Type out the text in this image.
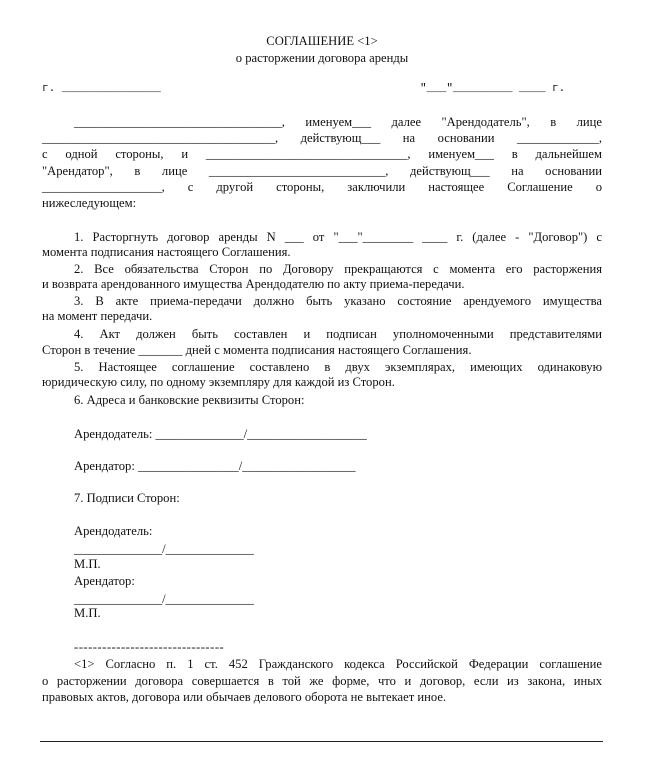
СОГЛАШЕНИЕ <1>
о расторжении договора аренды
г. _______________	"___"_________ ____ г.
_________________________________, именуем___ далее "Арендодатель", в лице
_____________________________________, действующ___ на основании _____________,
с одной стороны, и ________________________________, именуем___ в дальнейшем
"Арендатор", в лице ____________________________, действующ___ на основании
___________________, с другой стороны, заключили настоящее Соглашение о
нижеследующем:
1. Расторгнуть договор аренды N ___ от "___"________ ____ г. (далее - "Договор") с
момента подписания настоящего Соглашения.
2. Все обязательства Сторон по Договору прекращаются с момента его расторжения
и возврата арендованного имущества Арендодателю по акту приема-передачи.
3. В акте приема-передачи должно быть указано состояние арендуемого имущества
на момент передачи.
4. Акт должен быть составлен и подписан уполномоченными представителями
Сторон в течение _______ дней с момента подписания настоящего Соглашения.
5. Настоящее соглашение составлено в двух экземплярах, имеющих одинаковую
юридическую силу, по одному экземпляру для каждой из Сторон.
6. Адреса и банковские реквизиты Сторон:
Арендодатель: ______________/___________________
Арендатор: ________________/__________________
7. Подписи Сторон:
Арендодатель:
______________/______________
М.П.
Арендатор:
______________/______________
М.П.
--------------------------------
<1> Согласно п. 1 ст. 452 Гражданского кодекса Российской Федерации соглашение
о расторжении договора совершается в той же форме, что и договор, если из закона, иных
правовых актов, договора или обычаев делового оборота не вытекает иное.
